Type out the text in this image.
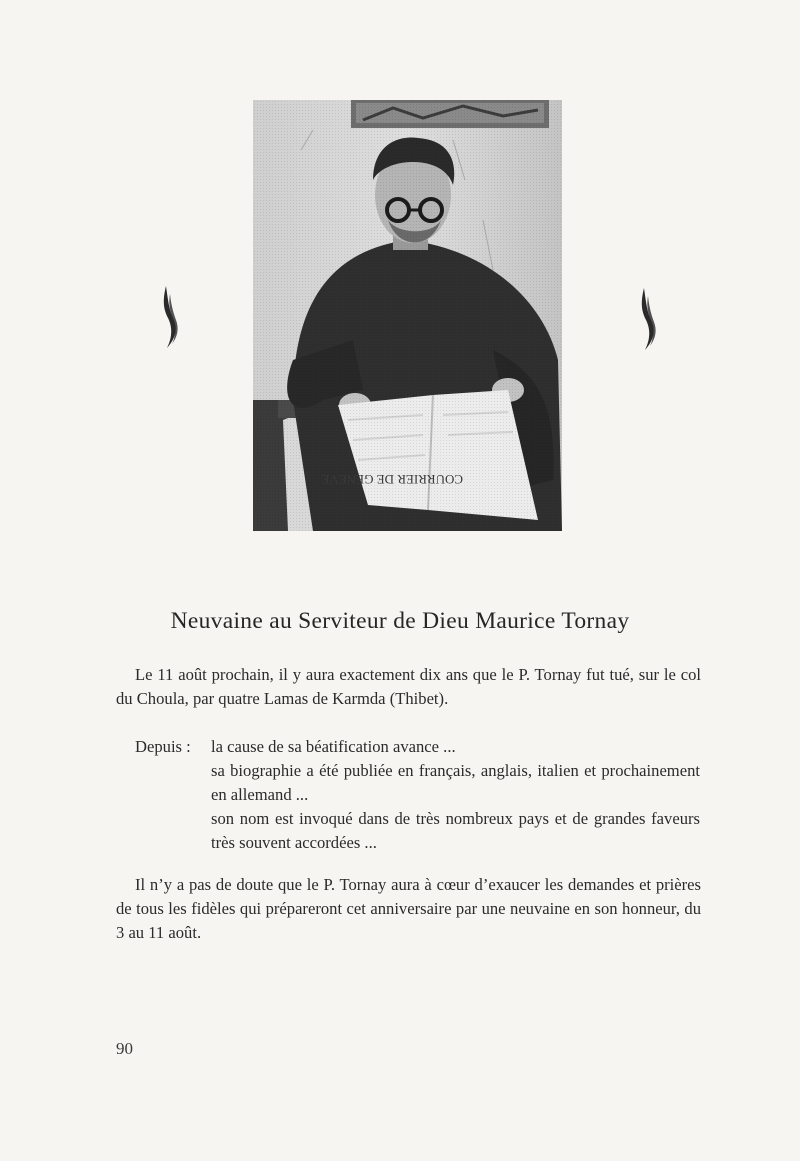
Neuvaine au Serviteur de Dieu Maurice Tornay

Le 11 août prochain, il y aura exactement dix ans que le P. Tornay fut tué, sur le col du Choula, par quatre Lamas de Karmda (Thibet).

Depuis : la cause de sa béatification avance ...
sa biographie a été publiée en français, anglais, italien et prochainement en allemand ...
son nom est invoqué dans de très nombreux pays et de grandes faveurs très souvent accordées ...

Il n’y a pas de doute que le P. Tornay aura à cœur d’exaucer les demandes et prières de tous les fidèles qui prépareront cet anniversaire par une neuvaine en son honneur, du 3 au 11 août.

90
